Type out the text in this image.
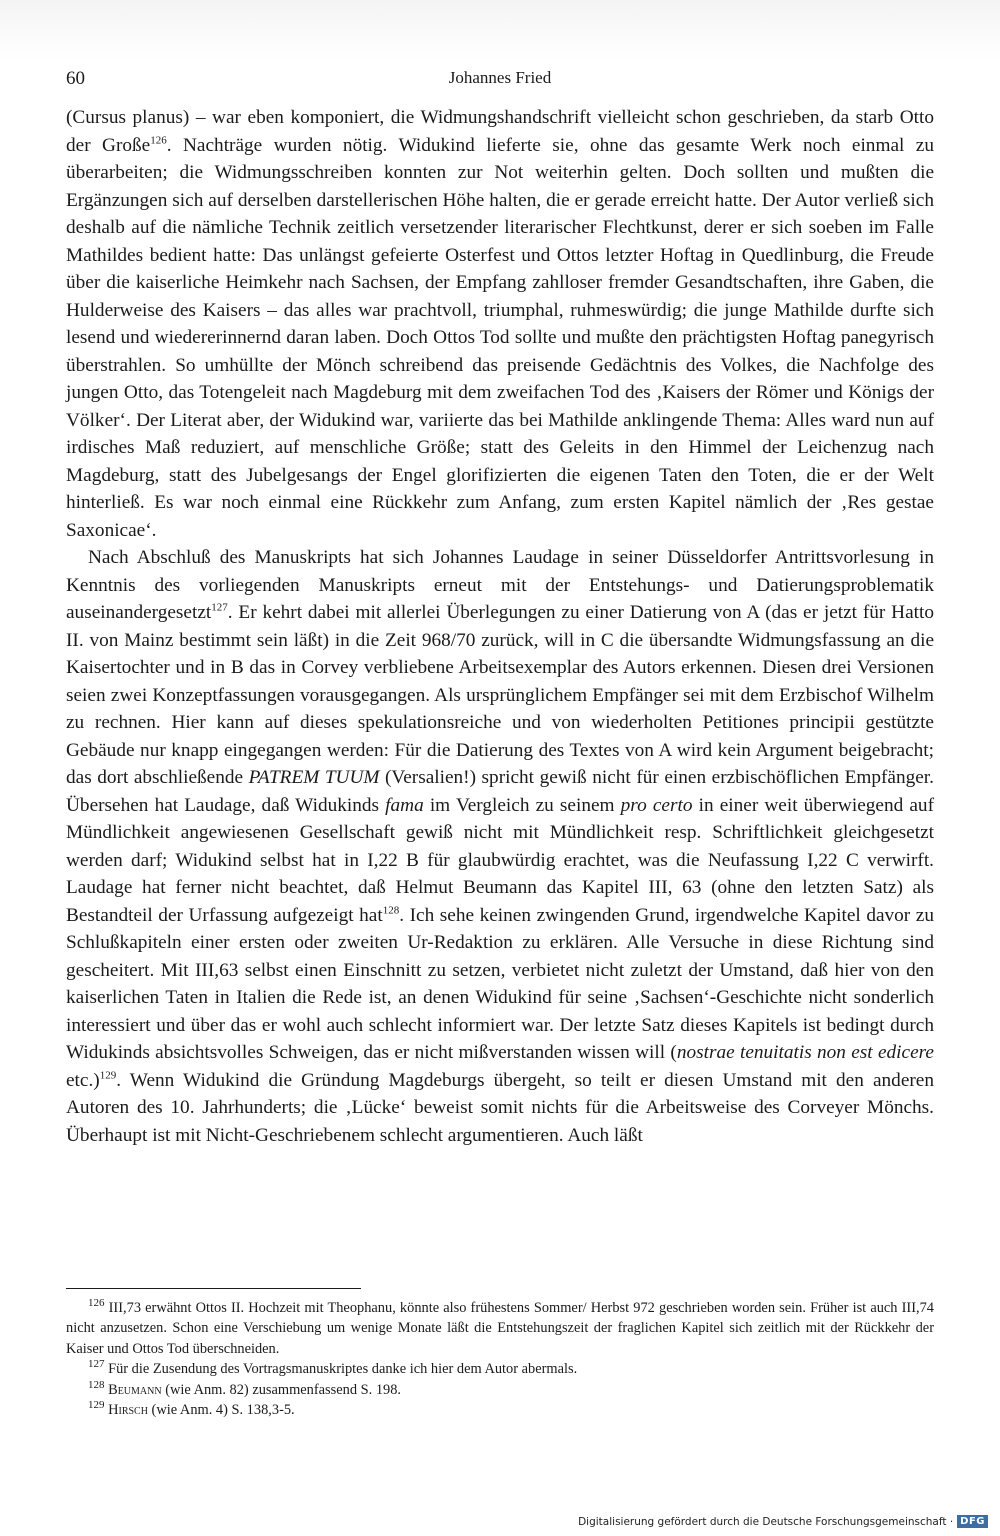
60	Johannes Fried

(Cursus planus) – war eben komponiert, die Widmungshandschrift vielleicht schon geschrieben, da starb Otto der Große$^{126}$. Nachträge wurden nötig. Widukind lieferte sie, ohne das gesamte Werk noch einmal zu überarbeiten; die Widmungsschreiben konnten zur Not weiterhin gelten. Doch sollten und mußten die Ergänzungen sich auf derselben darstellerischen Höhe halten, die er gerade erreicht hatte. Der Autor verließ sich deshalb auf die nämliche Technik zeitlich versetzender literarischer Flechtkunst, derer er sich soeben im Falle Mathildes bedient hatte: Das unlängst gefeierte Osterfest und Ottos letzter Hoftag in Quedlinburg, die Freude über die kaiserliche Heimkehr nach Sachsen, der Empfang zahlloser fremder Gesandtschaften, ihre Gaben, die Hulderweise des Kaisers – das alles war prachtvoll, triumphal, ruhmeswürdig; die junge Mathilde durfte sich lesend und wiedererinnernd daran laben. Doch Ottos Tod sollte und mußte den prächtigsten Hoftag panegyrisch überstrahlen. So umhüllte der Mönch schreibend das preisende Gedächtnis des Volkes, die Nachfolge des jungen Otto, das Totengeleit nach Magdeburg mit dem zweifachen Tod des ‚Kaisers der Römer und Königs der Völker‘. Der Literat aber, der Widukind war, variierte das bei Mathilde anklingende Thema: Alles ward nun auf irdisches Maß reduziert, auf menschliche Größe; statt des Geleits in den Himmel der Leichenzug nach Magdeburg, statt des Jubelgesangs der Engel glorifizierten die eigenen Taten den Toten, die er der Welt hinterließ. Es war noch einmal eine Rückkehr zum Anfang, zum ersten Kapitel nämlich der ‚Res gestae Saxonicae‘.

Nach Abschluß des Manuskripts hat sich Johannes Laudage in seiner Düsseldorfer Antrittsvorlesung in Kenntnis des vorliegenden Manuskripts erneut mit der Entstehungs- und Datierungsproblematik auseinandergesetzt$^{127}$. Er kehrt dabei mit allerlei Überlegungen zu einer Datierung von A (das er jetzt für Hatto II. von Mainz bestimmt sein läßt) in die Zeit 968/70 zurück, will in C die übersandte Widmungsfassung an die Kaisertochter und in B das in Corvey verbliebene Arbeitsexemplar des Autors erkennen. Diesen drei Versionen seien zwei Konzeptfassungen vorausgegangen. Als ursprünglichem Empfänger sei mit dem Erzbischof Wilhelm zu rechnen. Hier kann auf dieses spekulationsreiche und von wiederholten Petitiones principii gestützte Gebäude nur knapp eingegangen werden: Für die Datierung des Textes von A wird kein Argument beigebracht; das dort abschließende PATREM TUUM (Versalien!) spricht gewiß nicht für einen erzbischöflichen Empfänger. Übersehen hat Laudage, daß Widukinds fama im Vergleich zu seinem pro certo in einer weit überwiegend auf Mündlichkeit angewiesenen Gesellschaft gewiß nicht mit Mündlichkeit resp. Schriftlichkeit gleichgesetzt werden darf; Widukind selbst hat in I,22 B für glaubwürdig erachtet, was die Neufassung I,22 C verwirft. Laudage hat ferner nicht beachtet, daß Helmut Beumann das Kapitel III, 63 (ohne den letzten Satz) als Bestandteil der Urfassung aufgezeigt hat$^{128}$. Ich sehe keinen zwingenden Grund, irgendwelche Kapitel davor zu Schlußkapiteln einer ersten oder zweiten Ur-Redaktion zu erklären. Alle Versuche in diese Richtung sind gescheitert. Mit III,63 selbst einen Einschnitt zu setzen, verbietet nicht zuletzt der Umstand, daß hier von den kaiserlichen Taten in Italien die Rede ist, an denen Widukind für seine ‚Sachsen‘-Geschichte nicht sonderlich interessiert und über das er wohl auch schlecht informiert war. Der letzte Satz dieses Kapitels ist bedingt durch Widukinds absichtsvolles Schweigen, das er nicht mißverstanden wissen will (nostrae tenuitatis non est edicere etc.)$^{129}$. Wenn Widukind die Gründung Magdeburgs übergeht, so teilt er diesen Umstand mit den anderen Autoren des 10. Jahrhunderts; die ‚Lücke‘ beweist somit nichts für die Arbeitsweise des Corveyer Mönchs. Überhaupt ist mit Nicht-Geschriebenem schlecht argumentieren. Auch läßt

$^{126}$ III,73 erwähnt Ottos II. Hochzeit mit Theophanu, könnte also frühestens Sommer/ Herbst 972 geschrieben worden sein. Früher ist auch III,74 nicht anzusetzen. Schon eine Verschiebung um wenige Monate läßt die Entstehungszeit der fraglichen Kapitel sich zeitlich mit der Rückkehr der Kaiser und Ottos Tod überschneiden.

$^{127}$ Für die Zusendung des Vortragsmanuskriptes danke ich hier dem Autor abermals.

$^{128}$ Beumann (wie Anm. 82) zusammenfassend S. 198.

$^{129}$ Hirsch (wie Anm. 4) S. 138,3-5.

Digitalisierung gefördert durch die Deutsche Forschungsgemeinschaft · DFG
